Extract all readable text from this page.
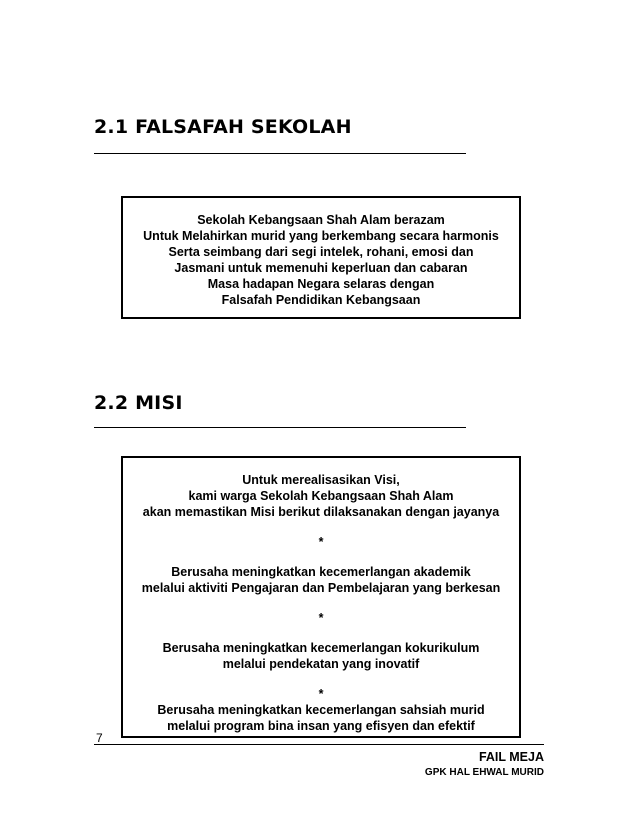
2.1 FALSAFAH SEKOLAH
Sekolah Kebangsaan Shah Alam berazam
Untuk Melahirkan murid yang berkembang secara harmonis
Serta seimbang dari segi intelek, rohani, emosi dan
Jasmani untuk memenuhi keperluan dan cabaran
Masa hadapan Negara selaras dengan
Falsafah Pendidikan Kebangsaan
2.2 MISI
Untuk merealisasikan Visi,
kami warga Sekolah Kebangsaan Shah Alam
akan memastikan Misi berikut dilaksanakan dengan jayanya
*
Berusaha meningkatkan kecemerlangan akademik
melalui aktiviti Pengajaran dan Pembelajaran yang berkesan
*
Berusaha meningkatkan kecemerlangan kokurikulum
melalui pendekatan yang inovatif
*
Berusaha meningkatkan kecemerlangan sahsiah murid
melalui program bina insan yang efisyen dan efektif
7
FAIL MEJA
GPK HAL EHWAL MURID
